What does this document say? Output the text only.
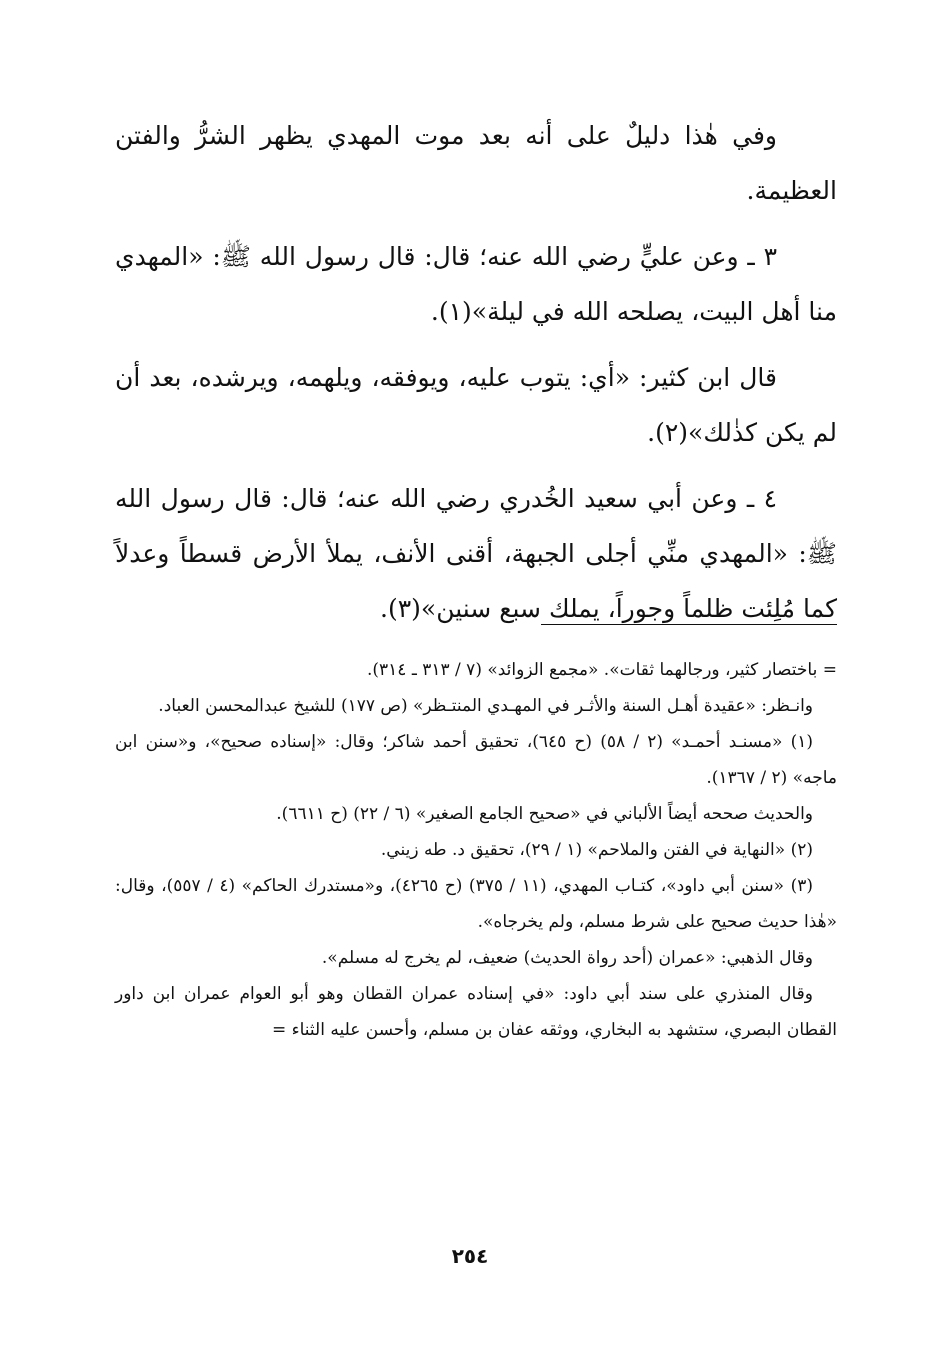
وفي هٰذا دليلٌ على أنه بعد موت المهدي يظهر الشرُّ والفتن العظيمة.

٣ ـ وعن عليٍّ رضي الله عنه؛ قال: قال رسول الله ﷺ: «المهدي منا أهل البيت، يصلحه الله في ليلة»(١).

قال ابن كثير: «أي: يتوب عليه، ويوفقه، ويلهمه، ويرشده، بعد أن لم يكن كذٰلك»(٢).

٤ ـ وعن أبي سعيد الخُدري رضي الله عنه؛ قال: قال رسول الله ﷺ: «المهدي منِّي أجلى الجبهة، أقنى الأنف، يملأ الأرض قسطاً وعدلاً كما مُلِئت ظلماً وجوراً، يملك سبع سنين»(٣).

= باختصار كثير، ورجالهما ثقات». «مجمع الزوائد» (٧ / ٣١٣ ـ ٣١٤).

وانـظر: «عقيدة أهـل السنة والأثـر في المهـدي المنتـظر» (ص ١٧٧) للشيخ عبدالمحسن العباد.

(١) «مسنـد أحمـد» (٢ / ٥٨) (ح ٦٤٥)، تحقيق أحمد شاكر؛ وقال: «إسناده صحيح»، و«سنن ابن ماجه» (٢ / ١٣٦٧).

والحديث صححه أيضاً الألباني في «صحيح الجامع الصغير» (٦ / ٢٢) (ح ٦٦١١).

(٢) «النهاية في الفتن والملاحم» (١ / ٢٩)، تحقيق د. طه زيني.

(٣) «سنن أبي داود»، كتـاب المهدي، (١١ / ٣٧٥) (ح ٤٢٦٥)، و«مستدرك الحاكم» (٤ / ٥٥٧)، وقال: «هٰذا حديث صحيح على شرط مسلم، ولم يخرجاه».

وقال الذهبي: «عمران (أحد رواة الحديث) ضعيف، لم يخرج له مسلم».

وقال المنذري على سند أبي داود: «في إسناده عمران القطان وهو أبو العوام عمران ابن داور القطان البصري، ستشهد به البخاري، ووثقه عفان بن مسلم، وأحسن عليه الثناء =

٢٥٤
